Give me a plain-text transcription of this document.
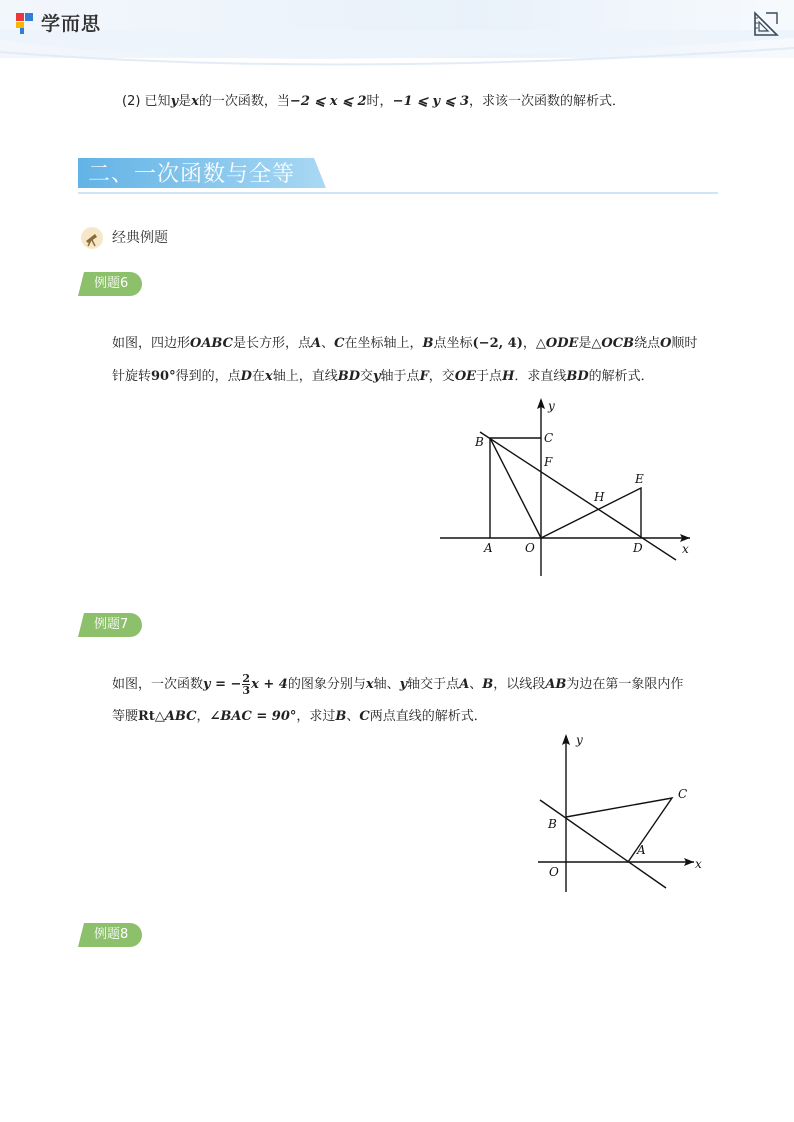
学而思
(2) 已知y是x的一次函数，当−2 ⩽ x ⩽ 2时，−1 ⩽ y ⩽ 3，求该一次函数的解析式．
二、一次函数与全等
经典例题
例题6
如图，四边形OABC是长方形，点A、C在坐标轴上，B点坐标(−2, 4)，△ODE是△OCB绕点O顺时
针旋转90°得到的，点D在x轴上，直线BD交y轴于点F，交OE于点H．求直线BD的解析式．
y
x
B	C
F
E
H
A	O	D
例题7
如图，一次函数y = − $\frac{2}{3}$ x + 4的图象分别与x轴、y轴交于点A、B，以线段AB为边在第一象限内作
等腰Rt△ABC，∠BAC = 90°，求过B、C两点直线的解析式．
y
x
C
B
A
O
例题8
